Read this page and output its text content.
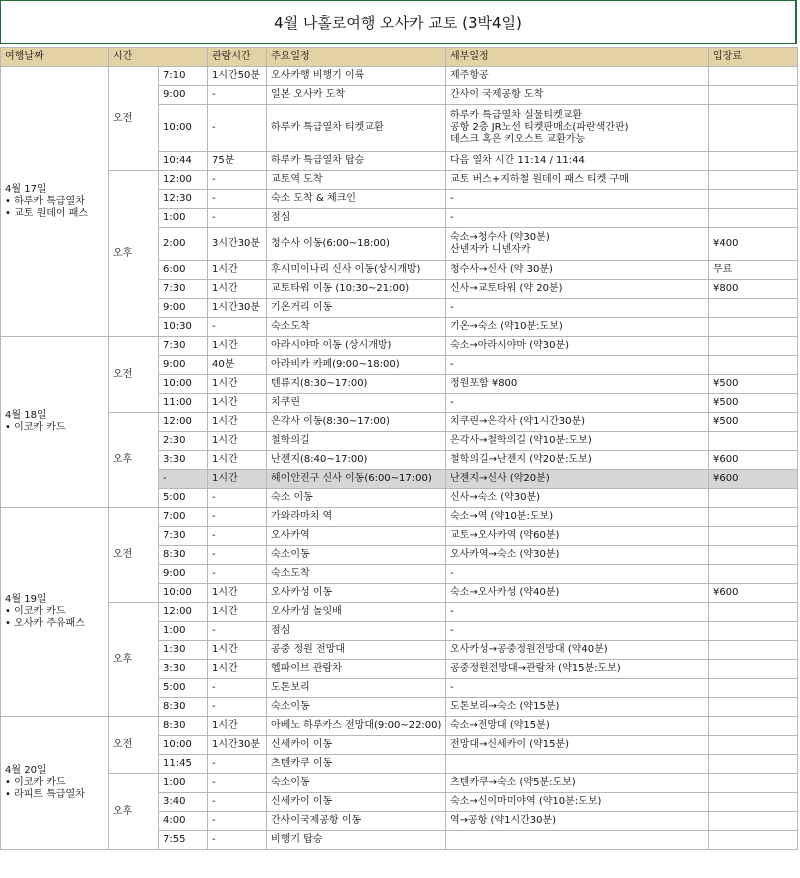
4월 나홀로여행 오사카 교토 (3박4일)
여행날짜	시간		관람시간	주요일정	세부일정	입장료
4월 17일
• 하루카 특급열차
• 교토 원데이 패스	오전	7:10	1시간50분	오사카행 비행기 이륙	제주항공	
		9:00	-	일본 오사카 도착	간사이 국제공항 도착	
		10:00	-	하루카 특급열차 티켓교환	하루카 특급열차 실물티켓교환
공항 2층 JR노선 티켓판매소(파란색간판)
데스크 혹은 키오스트 교환가능	
		10:44	75분	하루카 특급열차 탑승	다음 열차 시간 11:14 / 11:44	
	오후	12:00	-	교토역 도착	교토 버스+지하철 원데이 패스 티켓 구매	
		12:30	-	숙소 도착 & 체크인	-	
		1:00	-	점심	-	
		2:00	3시간30분	청수사 이동(6:00~18:00)	숙소→청수사 (약30분)
산넨자카 니넨자카	¥400
		6:00	1시간	후시미이나리 신사 이동(상시개방)	청수사→신사 (약 30분)	무료
		7:30	1시간	교토타워 이동 (10:30~21:00)	신사→교토타워 (약 20분)	¥800
		9:00	1시간30분	기온거리 이동	-	
		10:30	-	숙소도착	기온→숙소 (약10분:도보)	
4월 18일
• 이코카 카드	오전	7:30	1시간	아라시야마 이동 (상시개방)	숙소→아라시야마 (약30분)	
		9:00	40분	아라비카 카페(9:00~18:00)	-	
		10:00	1시간	텐류지(8:30~17:00)	정원포함 ¥800	¥500
		11:00	1시간	치쿠린	-	¥500
	오후	12:00	1시간	은각사 이동(8:30~17:00)	치쿠린→은각사 (약1시간30분)	¥500
		2:30	1시간	철학의길	은각사→철학의길 (약10분:도보)	
		3:30	1시간	난젠지(8:40~17:00)	철학의길→난젠지 (약20분:도보)	¥600
		-	1시간	헤이안진구 신사 이동(6:00~17:00)	난젠지→신사 (약20분)	¥600
		5:00	-	숙소 이동	신사→숙소 (약30분)	
4월 19일
• 이코카 카드
• 오사카 주유패스	오전	7:00	-	가와라마치 역	숙소→역 (약10분:도보)	
		7:30	-	오사카역	교토→오사카역 (약60분)	
		8:30	-	숙소이동	오사카역→숙소 (약30분)	
		9:00	-	숙소도착	-	
		10:00	1시간	오사카성 이동	숙소→오사카성 (약40분)	¥600
	오후	12:00	1시간	오사카성 놀잇배	-	
		1:00	-	점심	-	
		1:30	1시간	공중 정원 전망대	오사카성→공중정원전망대 (약40분)	
		3:30	1시간	헵파이브 관람차	공중정원전망대→관람차 (약15분:도보)	
		5:00	-	도톤보리	-	
		8:30	-	숙소이동	도톤보리→숙소 (약15분)	
4월 20일
• 이코카 카드
• 라피트 특급열차	오전	8:30	1시간	아베노 하루카스 전망대(9:00~22:00)	숙소→전망대 (약15분)	
		10:00	1시간30분	신세카이 이동	전망대→신세카이 (약15분)	
		11:45	-	츠텐카쿠 이동		
	오후	1:00	-	숙소이동	츠텐카쿠→숙소 (약5분:도보)	
		3:40	-	신세카이 이동	숙소→신이마미야역 (약10분:도보)	
		4:00	-	간사이국제공항 이동	역→공항 (약1시간30분)	
		7:55	-	비행기 탑승		
